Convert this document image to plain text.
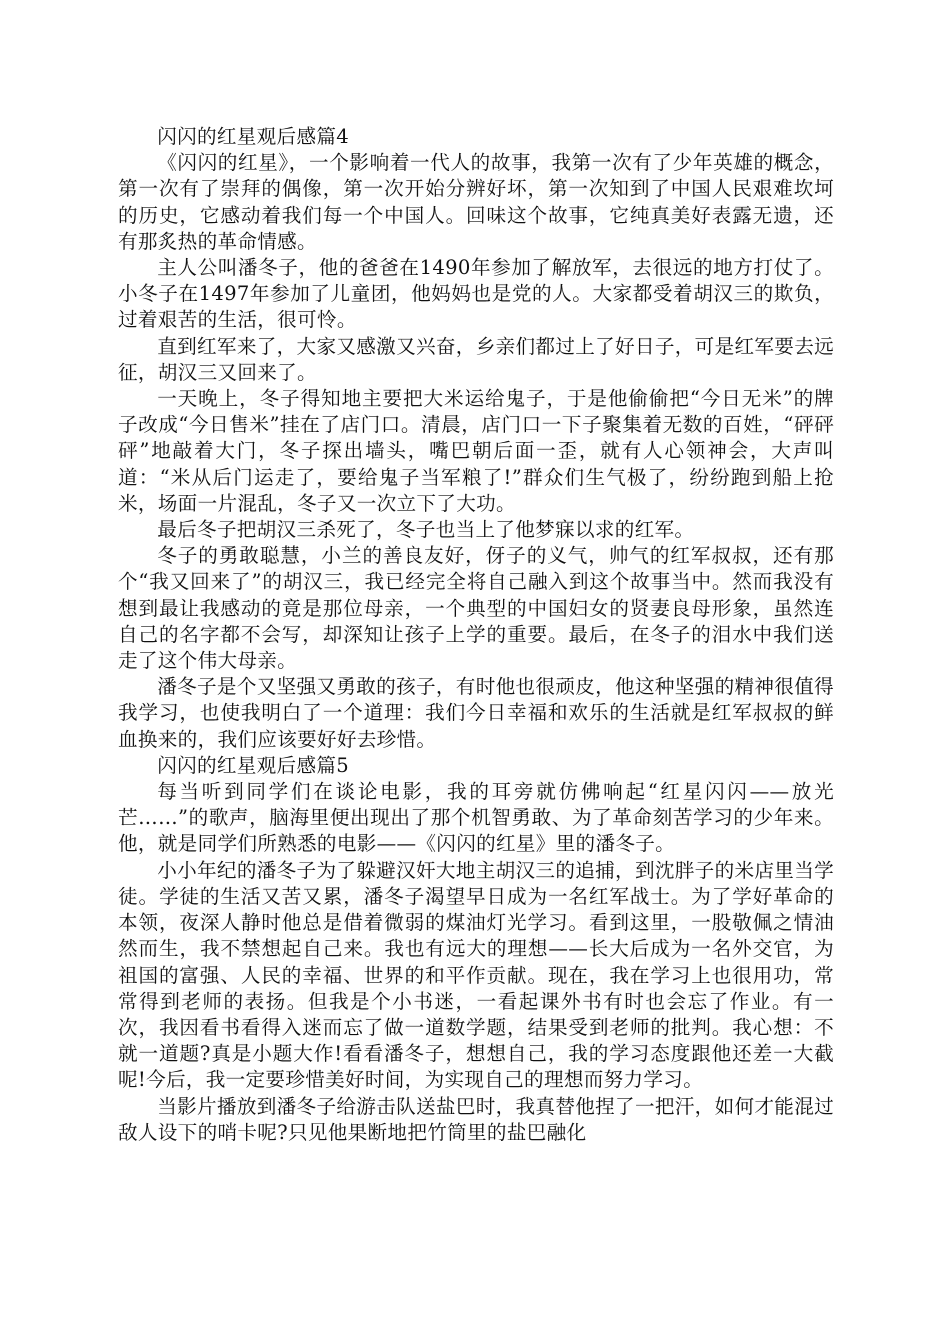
闪闪的红星观后感篇4

《闪闪的红星》，一个影响着一代人的故事，我第一次有了少年英雄的概念，第一次有了崇拜的偶像，第一次开始分辨好坏，第一次知到了中国人民艰难坎坷的历史，它感动着我们每一个中国人。回味这个故事，它纯真美好表露无遗，还有那炙热的革命情感。

主人公叫潘冬子，他的爸爸在1490年参加了解放军，去很远的地方打仗了。小冬子在1497年参加了儿童团，他妈妈也是党的人。大家都受着胡汉三的欺负，过着艰苦的生活，很可怜。

直到红军来了，大家又感激又兴奋，乡亲们都过上了好日子，可是红军要去远征，胡汉三又回来了。

一天晚上，冬子得知地主要把大米运给鬼子，于是他偷偷把“今日无米”的牌子改成“今日售米”挂在了店门口。清晨，店门口一下子聚集着无数的百姓，“砰砰砰”地敲着大门，冬子探出墙头，嘴巴朝后面一歪，就有人心领神会，大声叫道：“米从后门运走了，要给鬼子当军粮了!”群众们生气极了，纷纷跑到船上抢米，场面一片混乱，冬子又一次立下了大功。

最后冬子把胡汉三杀死了，冬子也当上了他梦寐以求的红军。

冬子的勇敢聪慧，小兰的善良友好，伢子的义气，帅气的红军叔叔，还有那个“我又回来了”的胡汉三，我已经完全将自己融入到这个故事当中。然而我没有想到最让我感动的竟是那位母亲，一个典型的中国妇女的贤妻良母形象，虽然连自己的名字都不会写，却深知让孩子上学的重要。最后，在冬子的泪水中我们送走了这个伟大母亲。

潘冬子是个又坚强又勇敢的孩子，有时他也很顽皮，他这种坚强的精神很值得我学习，也使我明白了一个道理：我们今日幸福和欢乐的生活就是红军叔叔的鲜血换来的，我们应该要好好去珍惜。

闪闪的红星观后感篇5

每当听到同学们在谈论电影，我的耳旁就仿佛响起“红星闪闪——放光芒……”的歌声，脑海里便出现出了那个机智勇敢、为了革命刻苦学习的少年来。他，就是同学们所熟悉的电影——《闪闪的红星》里的潘冬子。

小小年纪的潘冬子为了躲避汉奸大地主胡汉三的追捕，到沈胖子的米店里当学徒。学徒的生活又苦又累，潘冬子渴望早日成为一名红军战士。为了学好革命的本领，夜深人静时他总是借着微弱的煤油灯光学习。看到这里，一股敬佩之情油然而生，我不禁想起自己来。我也有远大的理想——长大后成为一名外交官，为祖国的富强、人民的幸福、世界的和平作贡献。现在，我在学习上也很用功，常常得到老师的表扬。但我是个小书迷，一看起课外书有时也会忘了作业。有一次，我因看书看得入迷而忘了做一道数学题，结果受到老师的批判。我心想：不就一道题?真是小题大作!看看潘冬子，想想自己，我的学习态度跟他还差一大截呢!今后，我一定要珍惜美好时间，为实现自己的理想而努力学习。

当影片播放到潘冬子给游击队送盐巴时，我真替他捏了一把汗，如何才能混过敌人设下的哨卡呢?只见他果断地把竹筒里的盐巴融化
